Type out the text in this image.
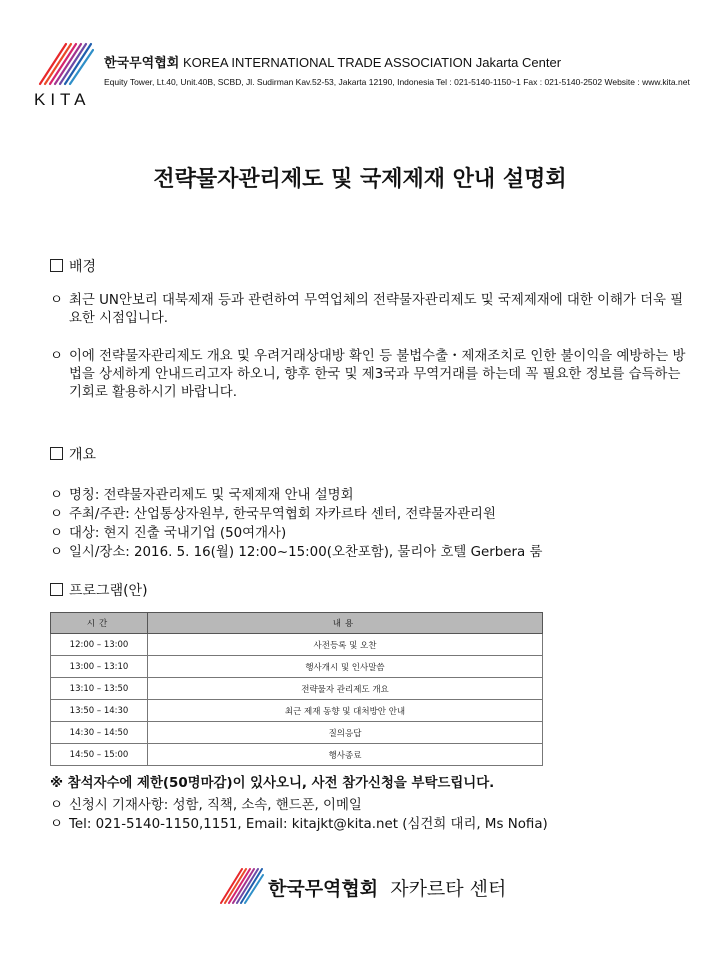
KITA
한국무역협회 KOREA INTERNATIONAL TRADE ASSOCIATION Jakarta Center
Equity Tower, Lt.40, Unit.40B, SCBD, Jl. Sudirman Kav.52-53, Jakarta 12190, Indonesia Tel : 021-5140-1150~1 Fax : 021-5140-2502 Website : www.kita.net
전략물자관리제도 및 국제제재 안내 설명회
배경
ㅇ 최근 UN안보리 대북제재 등과 관련하여 무역업체의 전략물자관리제도 및 국제제재에 대한 이해가 더욱 필요한 시점입니다.
ㅇ 이에 전략물자관리제도 개요 및 우려거래상대방 확인 등 불법수출・제재조치로 인한 불이익을 예방하는 방법을 상세하게 안내드리고자 하오니, 향후 한국 및 제3국과 무역거래를 하는데 꼭 필요한 정보를 습득하는 기회로 활용하시기 바랍니다.
개요
ㅇ 명칭: 전략물자관리제도 및 국제제재 안내 설명회
ㅇ 주최/주관: 산업통상자원부, 한국무역협회 자카르타 센터, 전략물자관리원
ㅇ 대상: 현지 진출 국내기업 (50여개사)
ㅇ 일시/장소: 2016. 5. 16(월) 12:00~15:00(오찬포함), 물리아 호텔 Gerbera 룸
프로그램(안)
시간	내용
12:00 – 13:00	사전등록 및 오찬
13:00 – 13:10	행사개시 및 인사말씀
13:10 – 13:50	전략물자 관리제도 개요
13:50 – 14:30	최근 제재 동향 및 대처방안 안내
14:30 – 14:50	질의응답
14:50 – 15:00	행사종료
※ 참석자수에 제한(50명마감)이 있사오니, 사전 참가신청을 부탁드립니다.
ㅇ 신청시 기재사항: 성함, 직책, 소속, 핸드폰, 이메일
ㅇ Tel: 021-5140-1150,1151, Email: kitajkt@kita.net (심건희 대리, Ms Nofia)
한국무역협회 자카르타 센터
